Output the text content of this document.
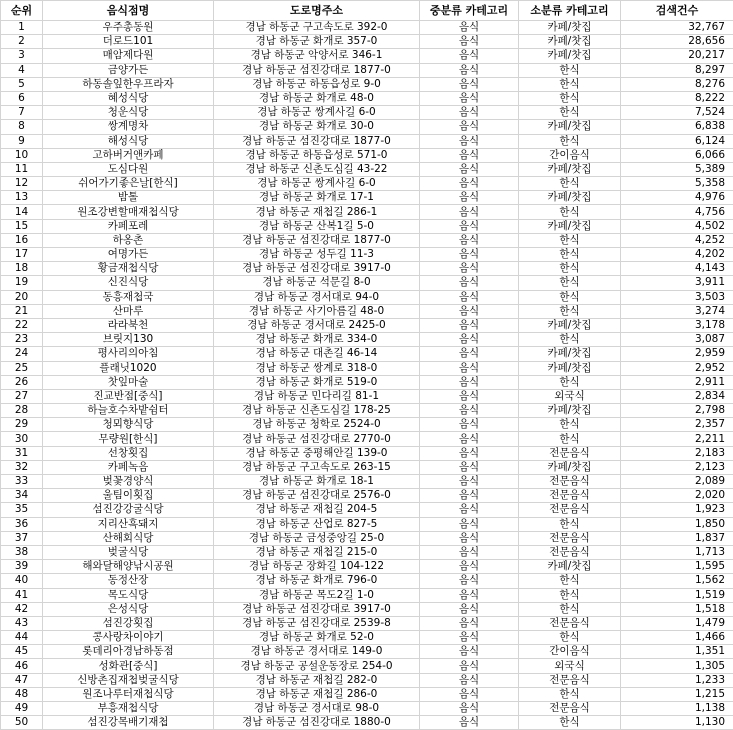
순위	음식점명	도로명주소	중분류 카테고리	소분류 카테고리	검색건수
1	우주총동원	경남 하동군 구고속도로 392-0	음식	카페/찻집	32,767
2	더로드101	경남 하동군 화개로 357-0	음식	카페/찻집	28,656
3	매암제다원	경남 하동군 악양서로 346-1	음식	카페/찻집	20,217
4	금양가든	경남 하동군 섬진강대로 1877-0	음식	한식	8,297
5	하동솔잎한우프라자	경남 하동군 하동읍성로 9-0	음식	한식	8,276
6	혜성식당	경남 하동군 화개로 48-0	음식	한식	8,222
7	청운식당	경남 하동군 쌍계사길 6-0	음식	한식	7,524
8	쌍계명차	경남 하동군 화개로 30-0	음식	카페/찻집	6,838
9	해성식당	경남 하동군 섬진강대로 1877-0	음식	한식	6,124
10	고하버거앤카페	경남 하동군 하동읍성로 571-0	음식	간이음식	6,066
11	도심다원	경남 하동군 신촌도심길 43-22	음식	카페/찻집	5,389
12	쉬어가기좋은날[한식]	경남 하동군 쌍계사길 6-0	음식	한식	5,358
13	밤톨	경남 하동군 화개로 17-1	음식	카페/찻집	4,976
14	원조강변할매재첩식당	경남 하동군 재첩길 286-1	음식	한식	4,756
15	카페포레	경남 하동군 산복1길 5-0	음식	카페/찻집	4,502
16	하옹촌	경남 하동군 섬진강대로 1877-0	음식	한식	4,252
17	여명가든	경남 하동군 성두길 11-3	음식	한식	4,202
18	황금재첩식당	경남 하동군 섬진강대로 3917-0	음식	한식	4,143
19	신진식당	경남 하동군 석문길 8-0	음식	한식	3,911
20	동흥재첩국	경남 하동군 경서대로 94-0	음식	한식	3,503
21	산마루	경남 하동군 사기아름길 48-0	음식	한식	3,274
22	라라북천	경남 하동군 경서대로 2425-0	음식	카페/찻집	3,178
23	브릿지130	경남 하동군 화개로 334-0	음식	한식	3,087
24	평사리의아침	경남 하동군 대촌길 46-14	음식	카페/찻집	2,959
25	플래닛1020	경남 하동군 쌍계로 318-0	음식	카페/찻집	2,952
26	찻잎마술	경남 하동군 화개로 519-0	음식	한식	2,911
27	진교반점[중식]	경남 하동군 민다리길 81-1	음식	외국식	2,834
28	하늘호수차밭쉼터	경남 하동군 신촌도심길 178-25	음식	카페/찻집	2,798
29	청뫼향식당	경남 하동군 청학로 2524-0	음식	한식	2,357
30	무량원[한식]	경남 하동군 섬진강대로 2770-0	음식	한식	2,211
31	선창횟집	경남 하동군 중평해안길 139-0	음식	전문음식	2,183
32	카페녹음	경남 하동군 구고속도로 263-15	음식	카페/찻집	2,123
33	벚꽃경양식	경남 하동군 화개로 18-1	음식	전문음식	2,089
34	울팀이횟집	경남 하동군 섬진강대로 2576-0	음식	전문음식	2,020
35	섬진강강굴식당	경남 하동군 재첩길 204-5	음식	전문음식	1,923
36	지리산흑돼지	경남 하동군 산업로 827-5	음식	한식	1,850
37	산해회식당	경남 하동군 금성중앙길 25-0	음식	전문음식	1,837
38	벚굴식당	경남 하동군 재첩길 215-0	음식	전문음식	1,713
39	해와달해양낚시공원	경남 하동군 장화길 104-122	음식	카페/찻집	1,595
40	동정산장	경남 하동군 화개로 796-0	음식	한식	1,562
41	목도식당	경남 하동군 목도2길 1-0	음식	한식	1,519
42	은성식당	경남 하동군 섬진강대로 3917-0	음식	한식	1,518
43	섬진강횟집	경남 하동군 섬진강대로 2539-8	음식	전문음식	1,479
44	콩사랑차이야기	경남 하동군 화개로 52-0	음식	한식	1,466
45	롯데리아경남하동점	경남 하동군 경서대로 149-0	음식	간이음식	1,351
46	성화관[중식]	경남 하동군 공설운동장로 254-0	음식	외국식	1,305
47	신방촌집재첩벚굴식당	경남 하동군 재첩길 282-0	음식	전문음식	1,233
48	원조나루터재첩식당	경남 하동군 재첩길 286-0	음식	한식	1,215
49	부흥재첩식당	경남 하동군 경서대로 98-0	음식	전문음식	1,138
50	섬진강목배기재첩	경남 하동군 섬진강대로 1880-0	음식	한식	1,130
